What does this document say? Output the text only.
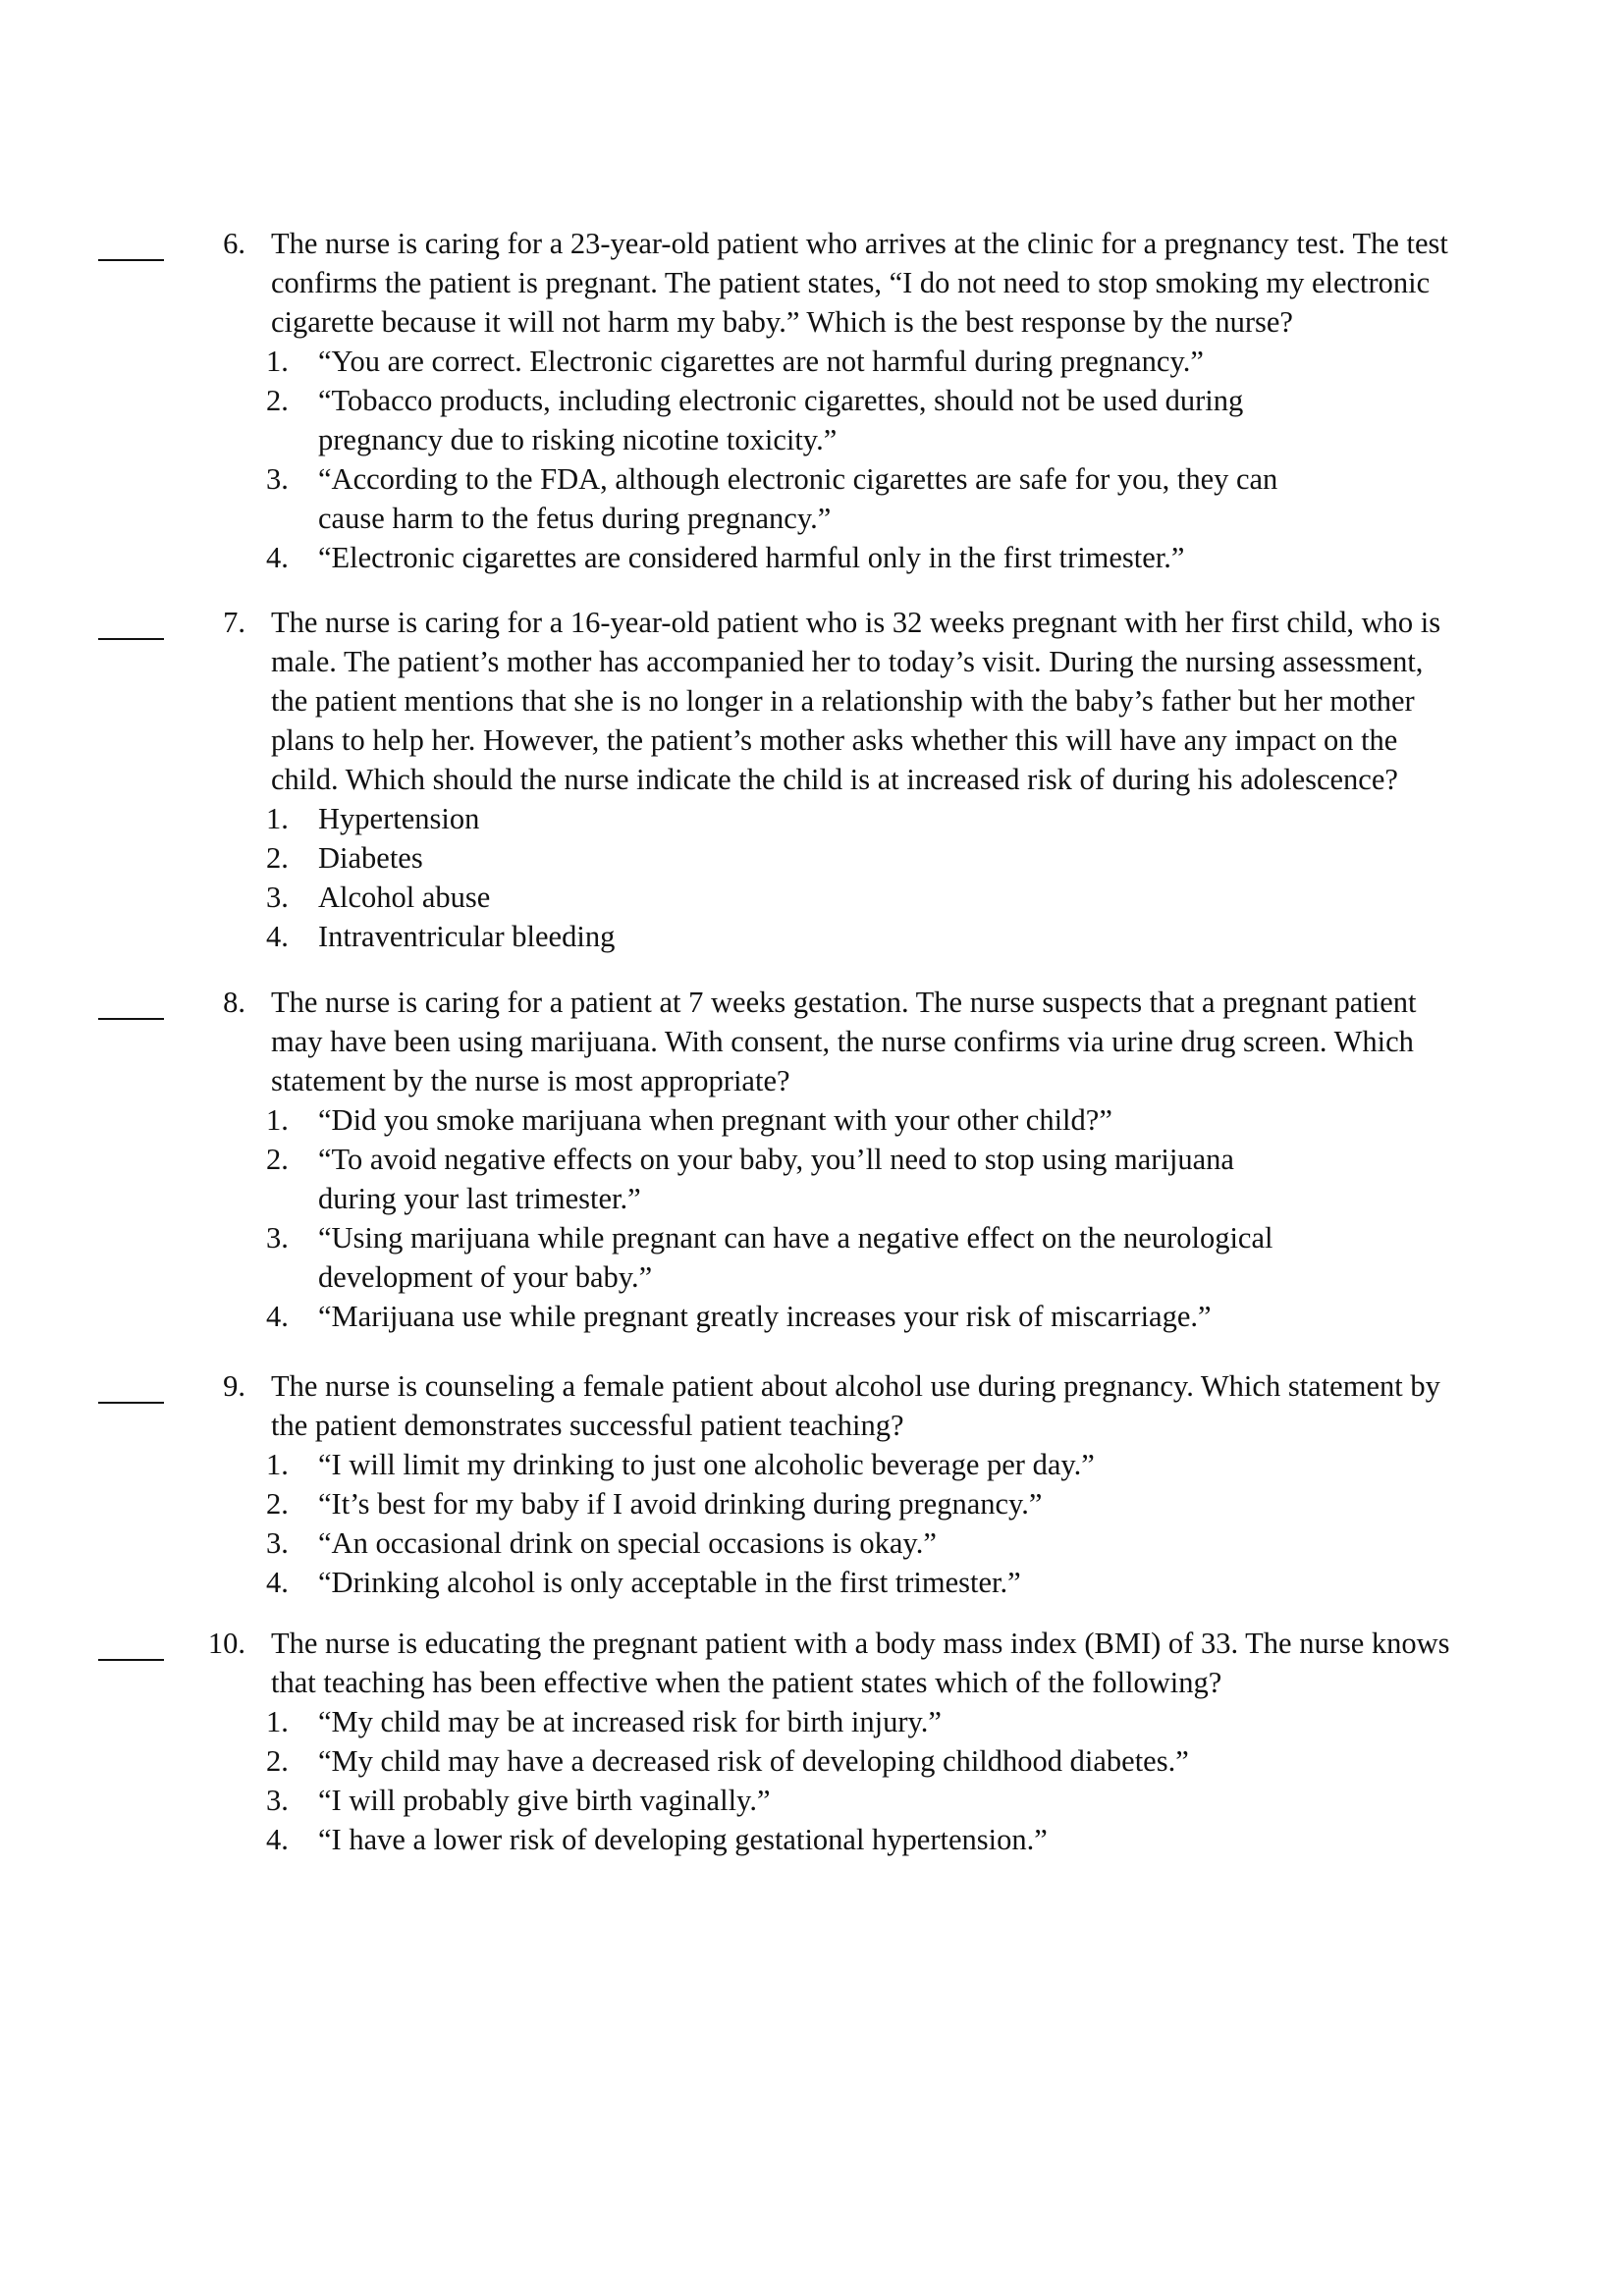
6. The nurse is caring for a 23-year-old patient who arrives at the clinic for a pregnancy test. The test
confirms the patient is pregnant. The patient states, “I do not need to stop smoking my electronic
cigarette because it will not harm my baby.” Which is the best response by the nurse?
1. “You are correct. Electronic cigarettes are not harmful during pregnancy.”
2. “Tobacco products, including electronic cigarettes, should not be used during
pregnancy due to risking nicotine toxicity.”
3. “According to the FDA, although electronic cigarettes are safe for you, they can
cause harm to the fetus during pregnancy.”
4. “Electronic cigarettes are considered harmful only in the first trimester.”
7. The nurse is caring for a 16-year-old patient who is 32 weeks pregnant with her first child, who is
male. The patient’s mother has accompanied her to today’s visit. During the nursing assessment,
the patient mentions that she is no longer in a relationship with the baby’s father but her mother
plans to help her. However, the patient’s mother asks whether this will have any impact on the
child. Which should the nurse indicate the child is at increased risk of during his adolescence?
1. Hypertension
2. Diabetes
3. Alcohol abuse
4. Intraventricular bleeding
8. The nurse is caring for a patient at 7 weeks gestation. The nurse suspects that a pregnant patient
may have been using marijuana. With consent, the nurse confirms via urine drug screen. Which
statement by the nurse is most appropriate?
1. “Did you smoke marijuana when pregnant with your other child?”
2. “To avoid negative effects on your baby, you’ll need to stop using marijuana
during your last trimester.”
3. “Using marijuana while pregnant can have a negative effect on the neurological
development of your baby.”
4. “Marijuana use while pregnant greatly increases your risk of miscarriage.”
9. The nurse is counseling a female patient about alcohol use during pregnancy. Which statement by
the patient demonstrates successful patient teaching?
1. “I will limit my drinking to just one alcoholic beverage per day.”
2. “It’s best for my baby if I avoid drinking during pregnancy.”
3. “An occasional drink on special occasions is okay.”
4. “Drinking alcohol is only acceptable in the first trimester.”
10. The nurse is educating the pregnant patient with a body mass index (BMI) of 33. The nurse knows
that teaching has been effective when the patient states which of the following?
1. “My child may be at increased risk for birth injury.”
2. “My child may have a decreased risk of developing childhood diabetes.”
3. “I will probably give birth vaginally.”
4. “I have a lower risk of developing gestational hypertension.”
